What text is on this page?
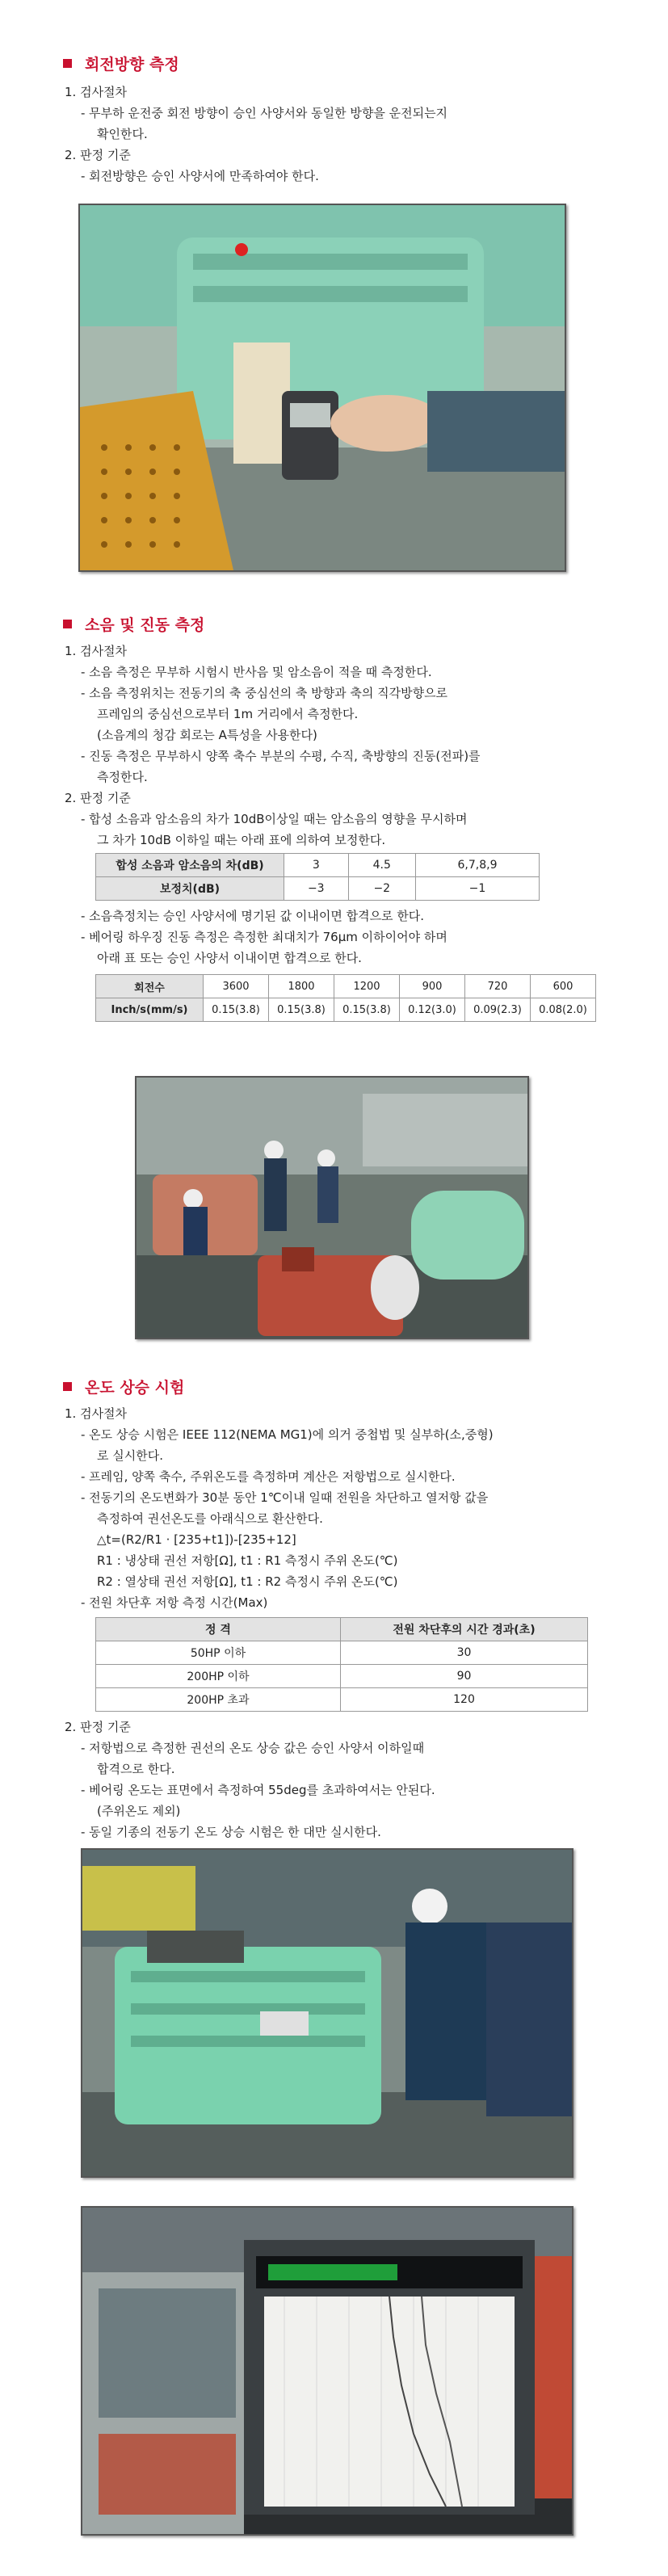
회전방향 측정
1. 검사절차
- 무부하 운전중 회전 방향이 승인 사양서와 동일한 방향을 운전되는지
확인한다.
2. 판정 기준
- 회전방향은 승인 사양서에 만족하여야 한다.
소음 및 진동 측정
1. 검사절차
- 소음 측정은 무부하 시험시 반사음 및 암소음이 적을 때 측정한다.
- 소음 측정위치는 전동기의 축 중심선의 축 방향과 축의 직각방향으로
프레임의 중심선으로부터 1m 거리에서 측정한다.
(소음계의 청감 회로는 A특성을 사용한다)
- 진동 측정은 무부하시 양쪽 축수 부분의 수평, 수직, 축방향의 진동(전파)를
측정한다.
2. 판정 기준
- 합성 소음과 암소음의 차가 10dB이상일 때는 암소음의 영향을 무시하며
그 차가 10dB 이하일 때는 아래 표에 의하여 보정한다.
합성 소음과 암소음의 차(dB)	3	4.5	6,7,8,9
보정치(dB)	−3	−2	−1
- 소음측정치는 승인 사양서에 명기된 값 이내이면 합격으로 한다.
- 베어링 하우징 진동 측정은 측정한 최대치가 76μm 이하이어야 하며
아래 표 또는 승인 사양서 이내이면 합격으로 한다.
회전수	3600	1800	1200	900	720	600
Inch/s(mm/s)	0.15(3.8)	0.15(3.8)	0.15(3.8)	0.12(3.0)	0.09(2.3)	0.08(2.0)
온도 상승 시험
1. 검사절차
- 온도 상승 시험은 IEEE 112(NEMA MG1)에 의거 중첩법 및 실부하(소,중형)
로 실시한다.
- 프레임, 양쪽 축수, 주위온도를 측정하며 계산은 저항법으로 실시한다.
- 전동기의 온도변화가 30분 동안 1℃이내 일때 전원을 차단하고 열저항 값을
측정하여 권선온도를 아래식으로 환산한다.
△t=(R2/R1 · [235+t1])-[235+12]
R1 : 냉상태 권선 저항[Ω], t1 : R1 측정시 주위 온도(℃)
R2 : 열상태 권선 저항[Ω], t1 : R2 측정시 주위 온도(℃)
- 전원 차단후 저항 측정 시간(Max)
정 격	전원 차단후의 시간 경과(초)
50HP 이하	30
200HP 이하	90
200HP 초과	120
2. 판정 기준
- 저항법으로 측정한 권선의 온도 상승 값은 승인 사양서 이하일때
합격으로 한다.
- 베어링 온도는 표면에서 측정하여 55deg를 초과하여서는 안된다.
(주위온도 제외)
- 동일 기종의 전동기 온도 상승 시험은 한 대만 실시한다.
